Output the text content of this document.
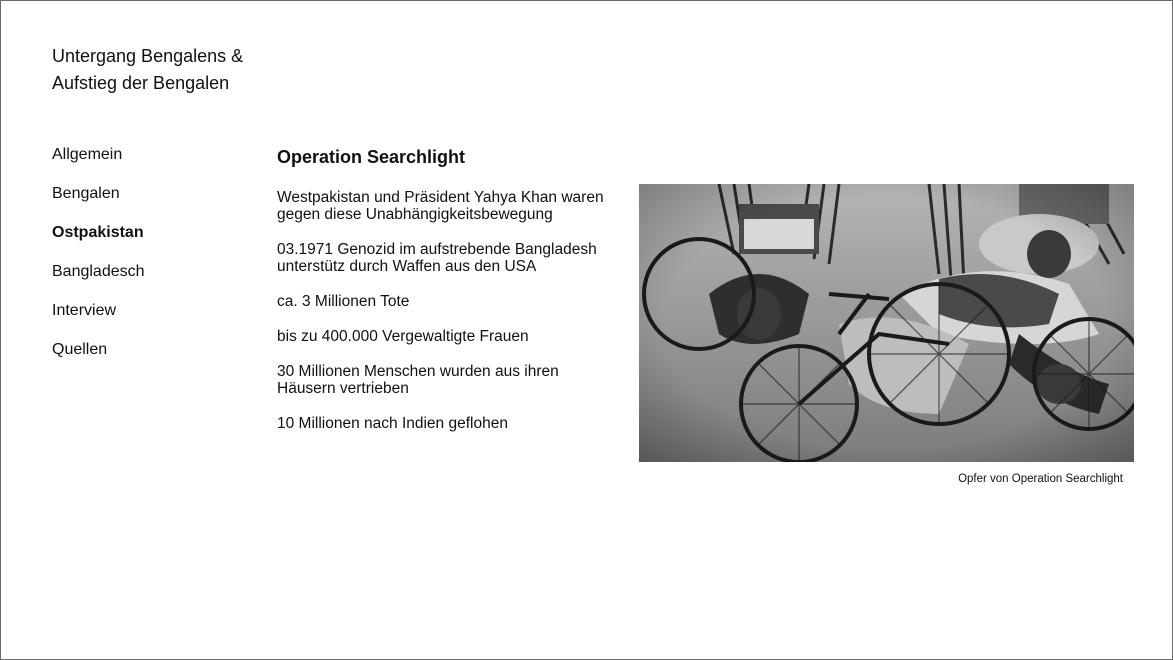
Untergang Bengalens &
Aufstieg der Bengalen
Allgemein
Bengalen
Ostpakistan
Bangladesch
Interview
Quellen
Operation Searchlight

Westpakistan und Präsident Yahya Khan waren gegen diese Unabhängigkeitsbewegung

03.1971 Genozid im aufstrebende Bangladesh unterstütz durch Waffen aus den USA

ca. 3 Millionen Tote

bis zu 400.000 Vergewaltigte Frauen

30 Millionen Menschen wurden aus ihren Häusern vertrieben

10 Millionen nach Indien geflohen

Opfer von Operation Searchlight
